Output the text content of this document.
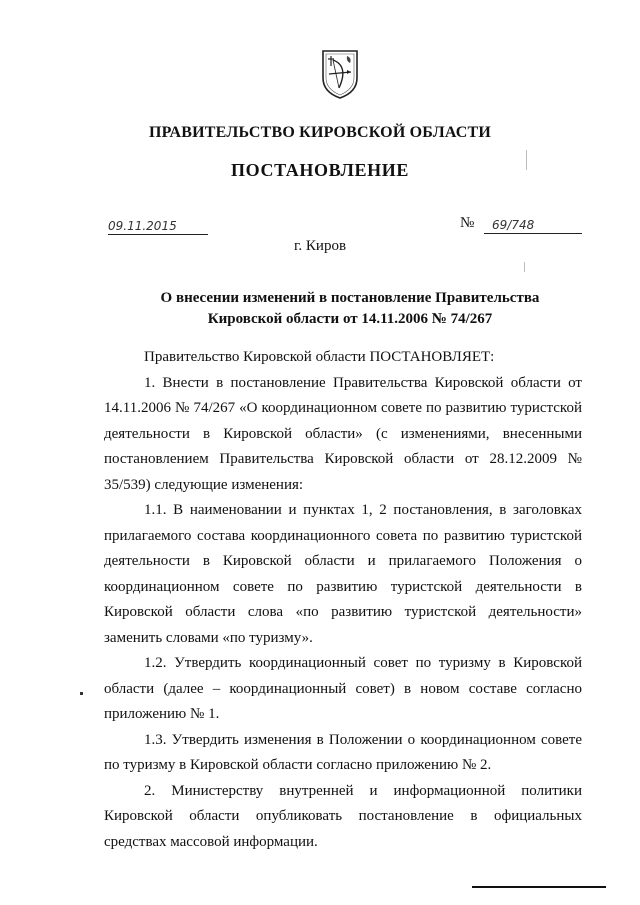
ПРАВИТЕЛЬСТВО КИРОВСКОЙ ОБЛАСТИ
ПОСТАНОВЛЕНИЕ
09.11.2015	№ 69/748
г. Киров
О внесении изменений в постановление Правительства
Кировской области от 14.11.2006 № 74/267

Правительство Кировской области ПОСТАНОВЛЯЕТ:

1. Внести в постановление Правительства Кировской области от 14.11.2006 № 74/267 «О координационном совете по развитию туристской деятельности в Кировской области» (с изменениями, внесенными постановлением Правительства Кировской области от 28.12.2009 № 35/539) следующие изменения:

1.1. В наименовании и пунктах 1, 2 постановления, в заголовках прилагаемого состава координационного совета по развитию туристской деятельности в Кировской области и прилагаемого Положения о координационном совете по развитию туристской деятельности в Кировской области слова «по развитию туристской деятельности» заменить словами «по туризму».

1.2. Утвердить координационный совет по туризму в Кировской области (далее – координационный совет) в новом составе согласно приложению № 1.

1.3. Утвердить изменения в Положении о координационном совете по туризму в Кировской области согласно приложению № 2.

2. Министерству внутренней и информационной политики Кировской области опубликовать постановление в официальных средствах массовой информации.
